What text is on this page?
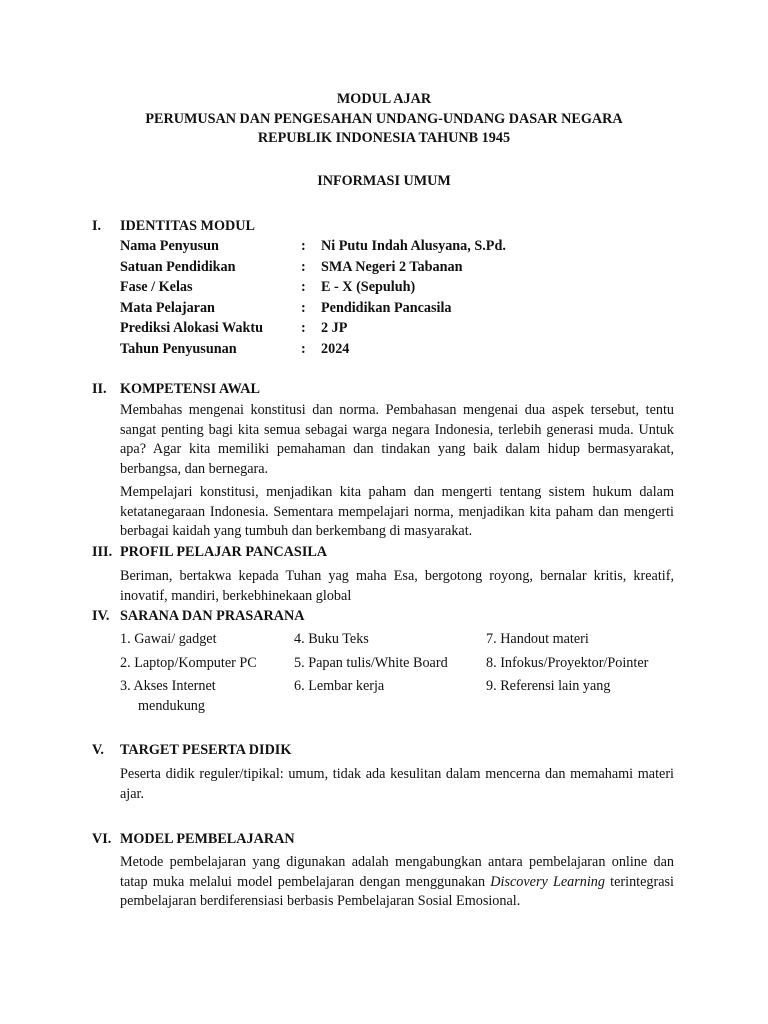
MODUL AJAR
PERUMUSAN DAN PENGESAHAN UNDANG-UNDANG DASAR NEGARA
REPUBLIK INDONESIA TAHUNB 1945
INFORMASI UMUM
I. IDENTITAS MODUL
Nama Penyusun	:	Ni Putu Indah Alusyana, S.Pd.
Satuan Pendidikan	:	SMA Negeri 2 Tabanan
Fase / Kelas	:	E - X (Sepuluh)
Mata Pelajaran	:	Pendidikan Pancasila
Prediksi Alokasi Waktu	:	2 JP
Tahun Penyusunan	:	2024
II. KOMPETENSI AWAL

Membahas mengenai konstitusi dan norma. Pembahasan mengenai dua aspek tersebut, tentu sangat penting bagi kita semua sebagai warga negara Indonesia, terlebih generasi muda. Untuk apa? Agar kita memiliki pemahaman dan tindakan yang baik dalam hidup bermasyarakat, berbangsa, dan bernegara.

Mempelajari konstitusi, menjadikan kita paham dan mengerti tentang sistem hukum dalam ketatanegaraan Indonesia. Sementara mempelajari norma, menjadikan kita paham dan mengerti berbagai kaidah yang tumbuh dan berkembang di masyarakat.

III. PROFIL PELAJAR PANCASILA

Beriman, bertakwa kepada Tuhan yag maha Esa, bergotong royong, bernalar kritis, kreatif, inovatif, mandiri, berkebhinekaan global

IV. SARANA DAN PRASARANA
1. Gawai/ gadget	4. Buku Teks	7. Handout materi
2. Laptop/Komputer PC	5. Papan tulis/White Board	8. Infokus/Proyektor/Pointer
3. Akses Internet	6. Lembar kerja	9. Referensi lain yang
mendukung
V. TARGET PESERTA DIDIK

Peserta didik reguler/tipikal: umum, tidak ada kesulitan dalam mencerna dan memahami materi ajar.

VI. MODEL PEMBELAJARAN

Metode pembelajaran yang digunakan adalah mengabungkan antara pembelajaran online dan tatap muka melalui model pembelajaran dengan menggunakan Discovery Learning terintegrasi pembelajaran berdiferensiasi berbasis Pembelajaran Sosial Emosional.
